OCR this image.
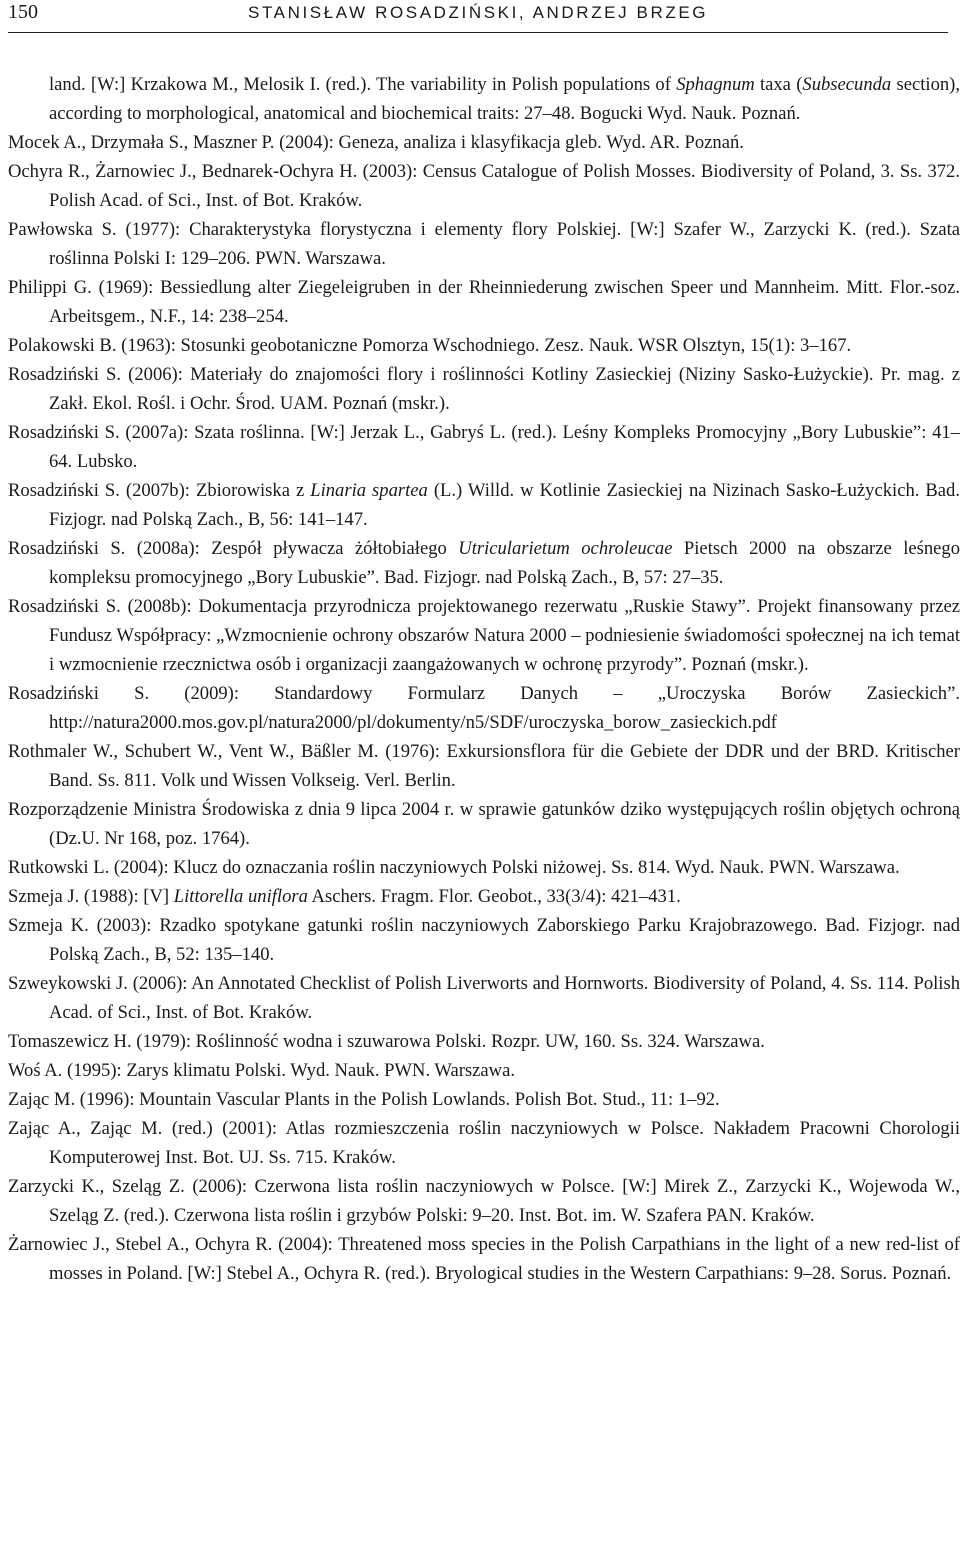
150	STANISŁAW ROSADZIŃSKI, ANDRZEJ BRZEG

land. [W:] Krzakowa M., Melosik I. (red.). The variability in Polish populations of Sphagnum taxa (Subsecunda section), according to morphological, anatomical and biochemical traits: 27–48. Bogucki Wyd. Nauk. Poznań.

Mocek A., Drzymała S., Maszner P. (2004): Geneza, analiza i klasyfikacja gleb. Wyd. AR. Poznań.

Ochyra R., Żarnowiec J., Bednarek-Ochyra H. (2003): Census Catalogue of Polish Mosses. Biodiversity of Poland, 3. Ss. 372. Polish Acad. of Sci., Inst. of Bot. Kraków.

Pawłowska S. (1977): Charakterystyka florystyczna i elementy flory Polskiej. [W:] Szafer W., Zarzycki K. (red.). Szata roślinna Polski I: 129–206. PWN. Warszawa.

Philippi G. (1969): Bessiedlung alter Ziegeleigruben in der Rheinniederung zwischen Speer und Mannheim. Mitt. Flor.-soz. Arbeitsgem., N.F., 14: 238–254.

Polakowski B. (1963): Stosunki geobotaniczne Pomorza Wschodniego. Zesz. Nauk. WSR Olsztyn, 15(1): 3–167.

Rosadziński S. (2006): Materiały do znajomości flory i roślinności Kotliny Zasieckiej (Niziny Sasko-Łużyckie). Pr. mag. z Zakł. Ekol. Rośl. i Ochr. Środ. UAM. Poznań (mskr.).

Rosadziński S. (2007a): Szata roślinna. [W:] Jerzak L., Gabryś L. (red.). Leśny Kompleks Promocyjny „Bory Lubuskie”: 41–64. Lubsko.

Rosadziński S. (2007b): Zbiorowiska z Linaria spartea (L.) Willd. w Kotlinie Zasieckiej na Nizinach Sasko-Łużyckich. Bad. Fizjogr. nad Polską Zach., B, 56: 141–147.

Rosadziński S. (2008a): Zespół pływacza żółtobiałego Utricularietum ochroleucae Pietsch 2000 na obszarze leśnego kompleksu promocyjnego „Bory Lubuskie”. Bad. Fizjogr. nad Polską Zach., B, 57: 27–35.

Rosadziński S. (2008b): Dokumentacja przyrodnicza projektowanego rezerwatu „Ruskie Stawy”. Projekt finansowany przez Fundusz Współpracy: „Wzmocnienie ochrony obszarów Natura 2000 – podniesienie świadomości społecznej na ich temat i wzmocnienie rzecznictwa osób i organizacji zaangażowanych w ochronę przyrody”. Poznań (mskr.).

Rosadziński S. (2009): Standardowy Formularz Danych – „Uroczyska Borów Zasieckich”. http://natura2000.mos.gov.pl/natura2000/pl/dokumenty/n5/SDF/uroczyska_borow_zasieckich.pdf

Rothmaler W., Schubert W., Vent W., Bäßler M. (1976): Exkursionsflora für die Gebiete der DDR und der BRD. Kritischer Band. Ss. 811. Volk und Wissen Volkseig. Verl. Berlin.

Rozporządzenie Ministra Środowiska z dnia 9 lipca 2004 r. w sprawie gatunków dziko występujących roślin objętych ochroną (Dz.U. Nr 168, poz. 1764).

Rutkowski L. (2004): Klucz do oznaczania roślin naczyniowych Polski niżowej. Ss. 814. Wyd. Nauk. PWN. Warszawa.

Szmeja J. (1988): [V] Littorella uniflora Aschers. Fragm. Flor. Geobot., 33(3/4): 421–431.

Szmeja K. (2003): Rzadko spotykane gatunki roślin naczyniowych Zaborskiego Parku Krajobrazowego. Bad. Fizjogr. nad Polską Zach., B, 52: 135–140.

Szweykowski J. (2006): An Annotated Checklist of Polish Liverworts and Hornworts. Biodiversity of Poland, 4. Ss. 114. Polish Acad. of Sci., Inst. of Bot. Kraków.

Tomaszewicz H. (1979): Roślinność wodna i szuwarowa Polski. Rozpr. UW, 160. Ss. 324. Warszawa.

Woś A. (1995): Zarys klimatu Polski. Wyd. Nauk. PWN. Warszawa.

Zając M. (1996): Mountain Vascular Plants in the Polish Lowlands. Polish Bot. Stud., 11: 1–92.

Zając A., Zając M. (red.) (2001): Atlas rozmieszczenia roślin naczyniowych w Polsce. Nakładem Pracowni Chorologii Komputerowej Inst. Bot. UJ. Ss. 715. Kraków.

Zarzycki K., Szeląg Z. (2006): Czerwona lista roślin naczyniowych w Polsce. [W:] Mirek Z., Zarzycki K., Wojewoda W., Szeląg Z. (red.). Czerwona lista roślin i grzybów Polski: 9–20. Inst. Bot. im. W. Szafera PAN. Kraków.

Żarnowiec J., Stebel A., Ochyra R. (2004): Threatened moss species in the Polish Carpathians in the light of a new red-list of mosses in Poland. [W:] Stebel A., Ochyra R. (red.). Bryological studies in the Western Carpathians: 9–28. Sorus. Poznań.
